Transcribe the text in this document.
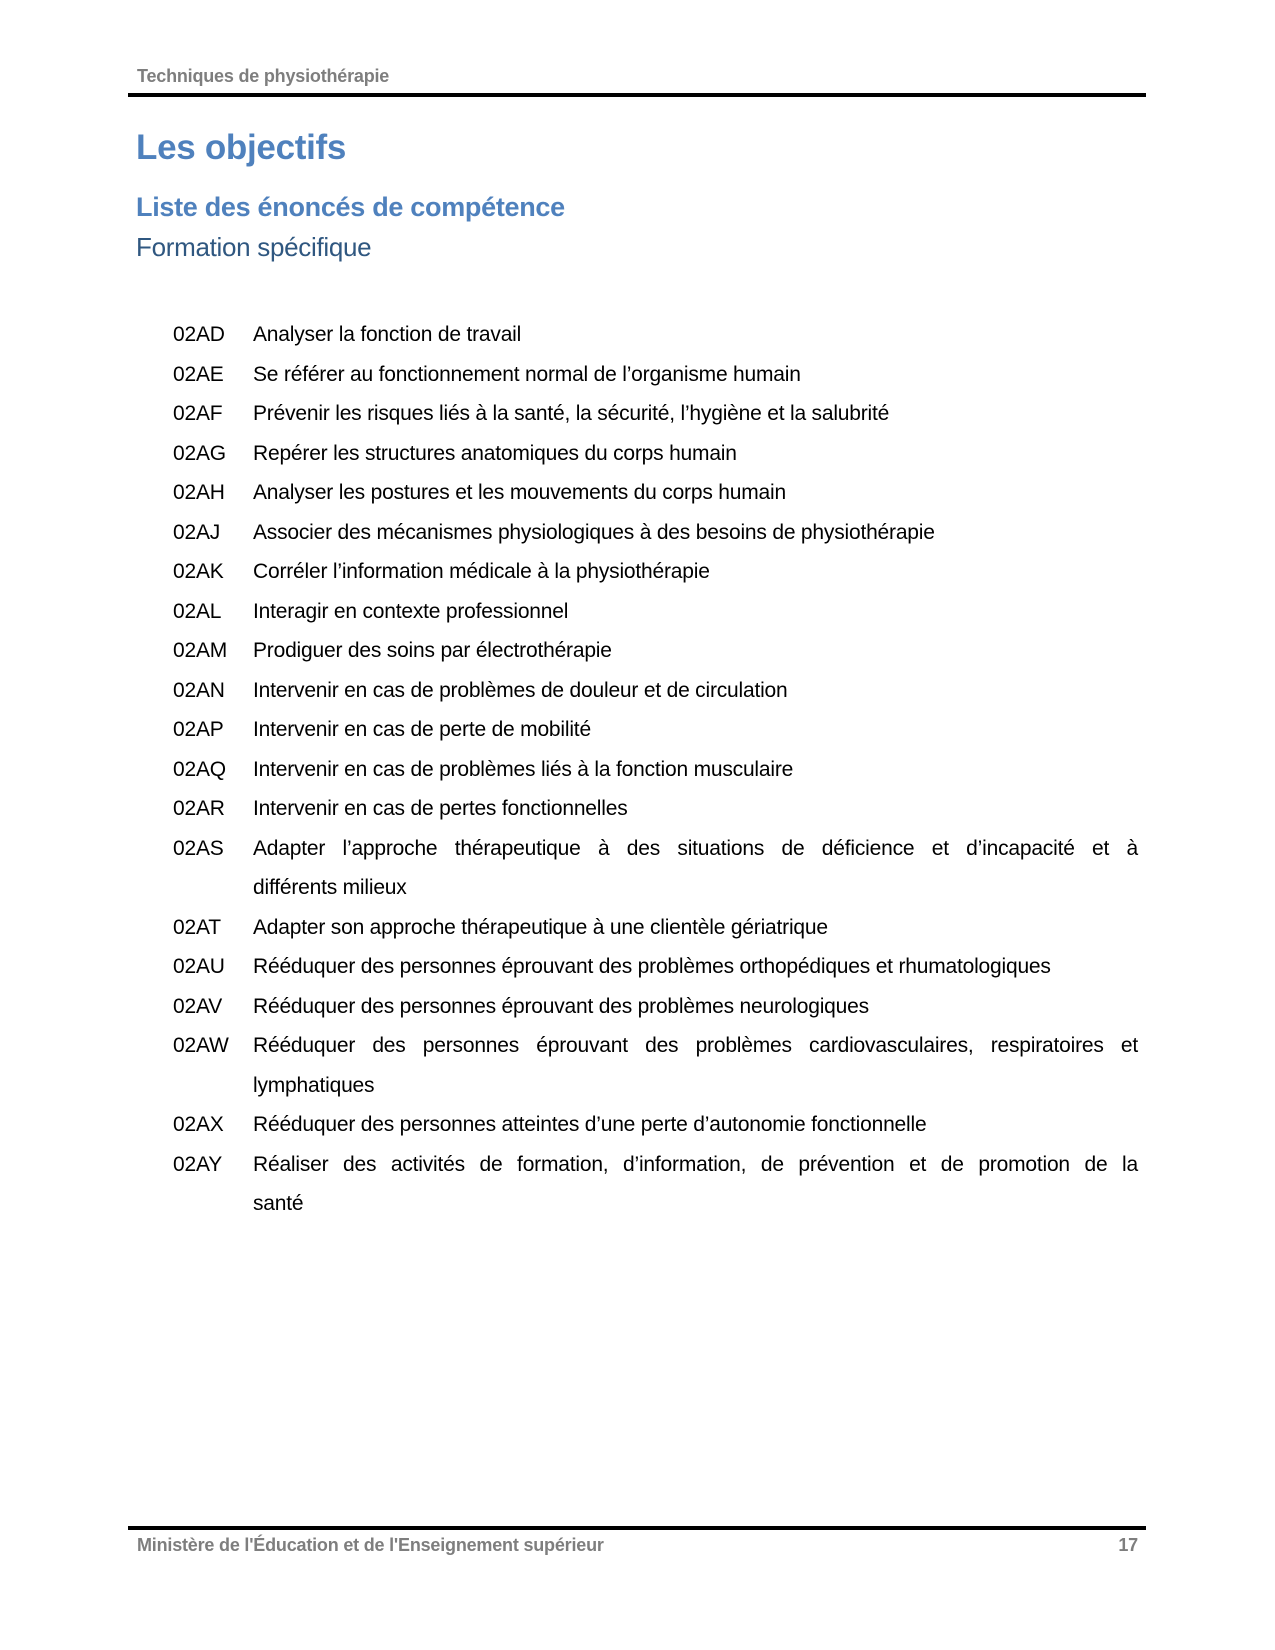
Techniques de physiothérapie
Les objectifs
Liste des énoncés de compétence
Formation spécifique
02AD	Analyser la fonction de travail
02AE	Se référer au fonctionnement normal de l’organisme humain
02AF	Prévenir les risques liés à la santé, la sécurité, l’hygiène et la salubrité
02AG	Repérer les structures anatomiques du corps humain
02AH	Analyser les postures et les mouvements du corps humain
02AJ	Associer des mécanismes physiologiques à des besoins de physiothérapie
02AK	Corréler l’information médicale à la physiothérapie
02AL	Interagir en contexte professionnel
02AM	Prodiguer des soins par électrothérapie
02AN	Intervenir en cas de problèmes de douleur et de circulation
02AP	Intervenir en cas de perte de mobilité
02AQ	Intervenir en cas de problèmes liés à la fonction musculaire
02AR	Intervenir en cas de pertes fonctionnelles
02AS	Adapter l’approche thérapeutique à des situations de déficience et d’incapacité et à
différents milieux
02AT	Adapter son approche thérapeutique à une clientèle gériatrique
02AU	Rééduquer des personnes éprouvant des problèmes orthopédiques et rhumatologiques
02AV	Rééduquer des personnes éprouvant des problèmes neurologiques
02AW	Rééduquer des personnes éprouvant des problèmes cardiovasculaires, respiratoires et
lymphatiques
02AX	Rééduquer des personnes atteintes d’une perte d’autonomie fonctionnelle
02AY	Réaliser des activités de formation, d’information, de prévention et de promotion de la
santé
Ministère de l'Éducation et de l'Enseignement supérieur	17
